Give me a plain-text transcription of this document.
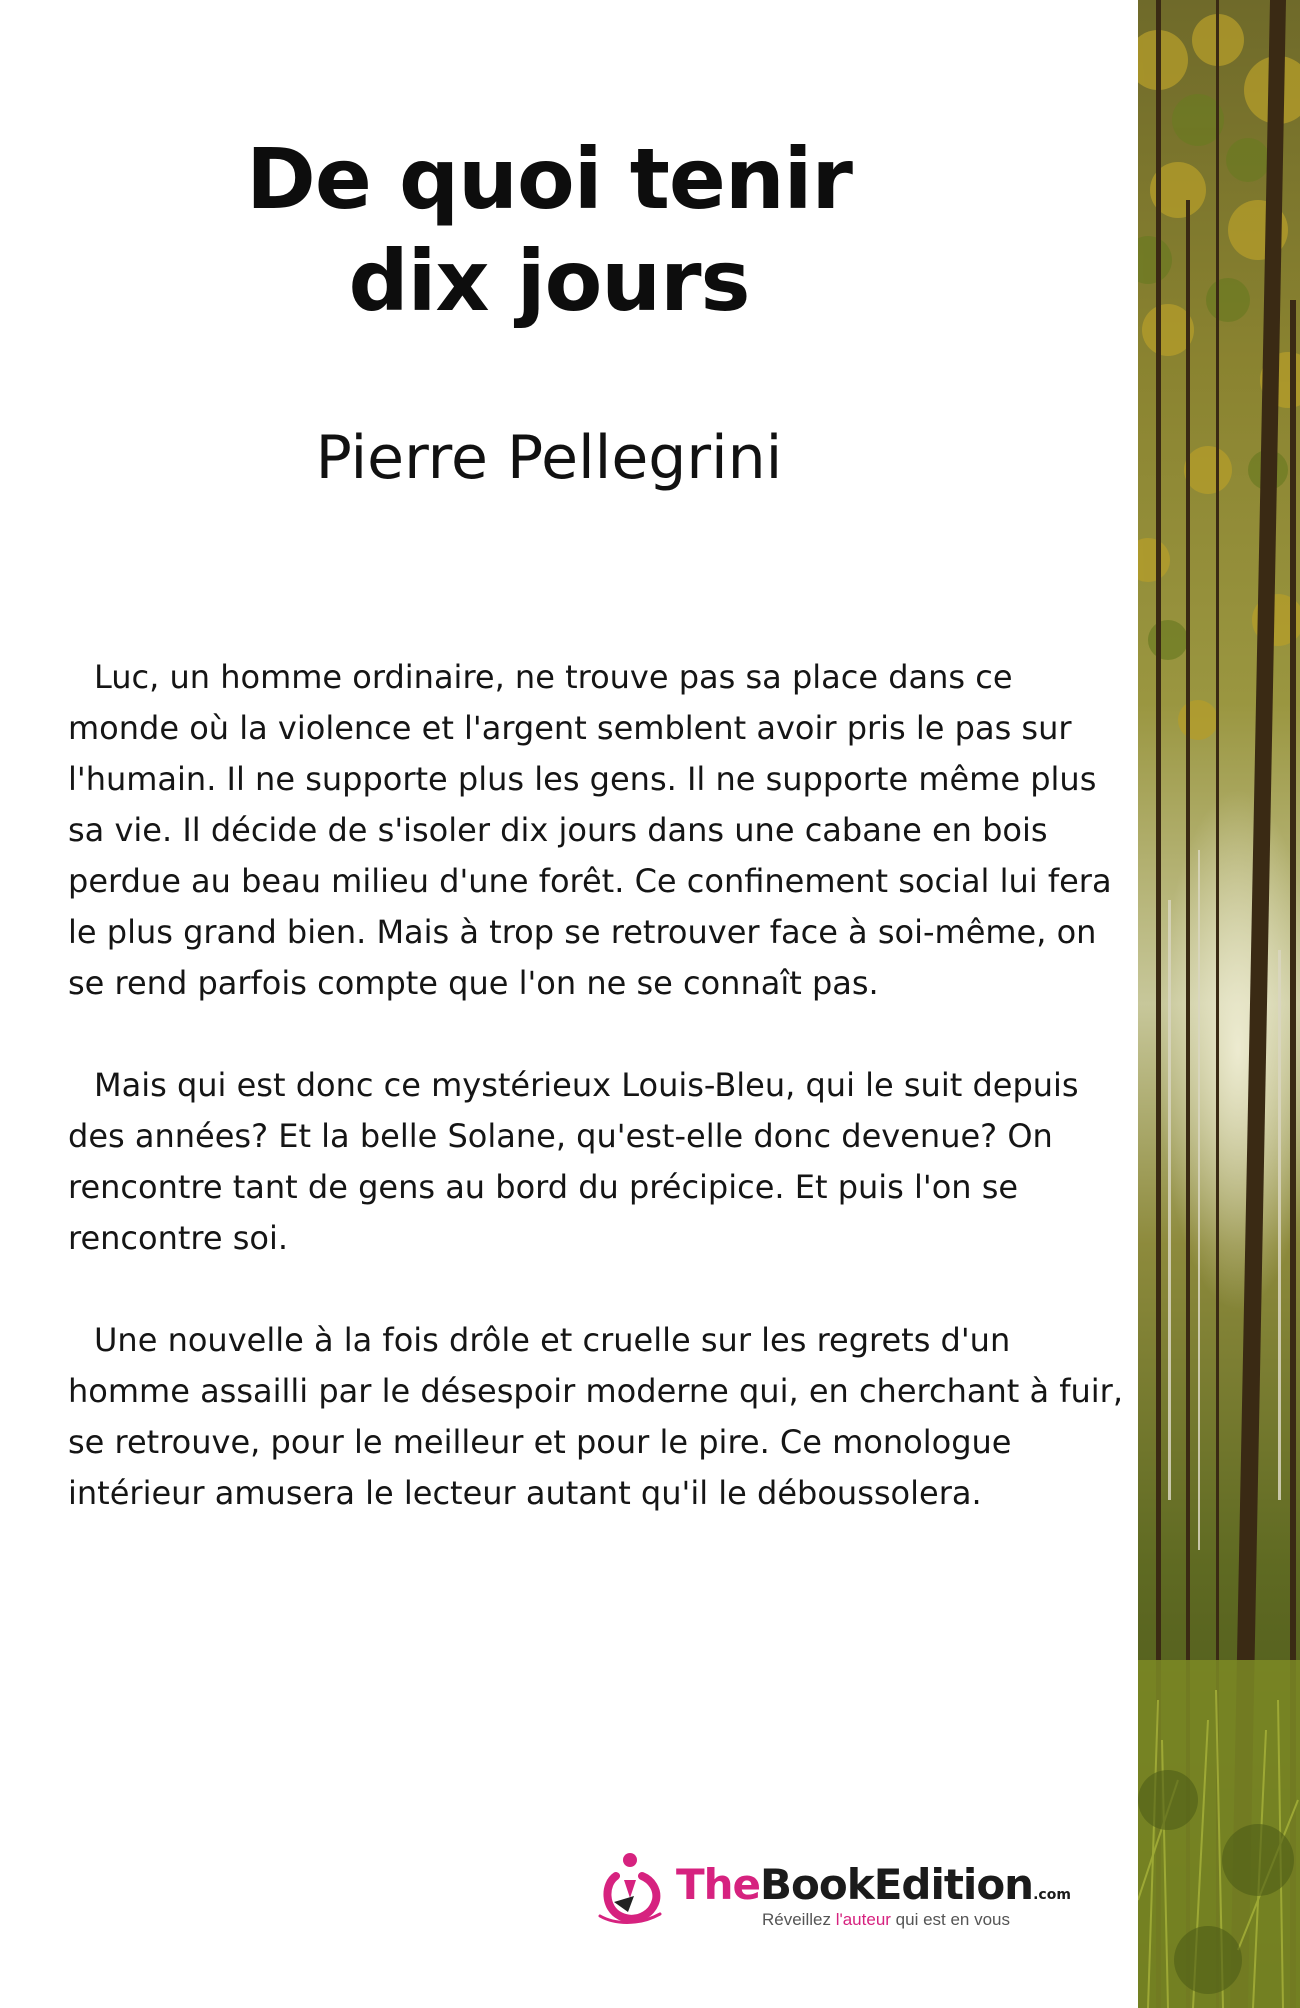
De quoi tenir
dix jours
Pierre Pellegrini

Luc, un homme ordinaire, ne trouve pas sa place dans ce monde où la violence et l'argent semblent avoir pris le pas sur l'humain. Il ne supporte plus les gens. Il ne supporte même plus sa vie. Il décide de s'isoler dix jours dans une cabane en bois perdue au beau milieu d'une forêt. Ce confinement social lui fera le plus grand bien. Mais à trop se retrouver face à soi-même, on se rend parfois compte que l'on ne se connaît pas.

Mais qui est donc ce mystérieux Louis-Bleu, qui le suit depuis des années? Et la belle Solane, qu'est-elle donc devenue? On rencontre tant de gens au bord du précipice. Et puis l'on se rencontre soi.

Une nouvelle à la fois drôle et cruelle sur les regrets d'un homme assailli par le désespoir moderne qui, en cherchant à fuir, se retrouve, pour le meilleur et pour le pire. Ce monologue intérieur amusera le lecteur autant qu'il le déboussolera.

TheBookEdition.com
Réveillez l'auteur qui est en vous
